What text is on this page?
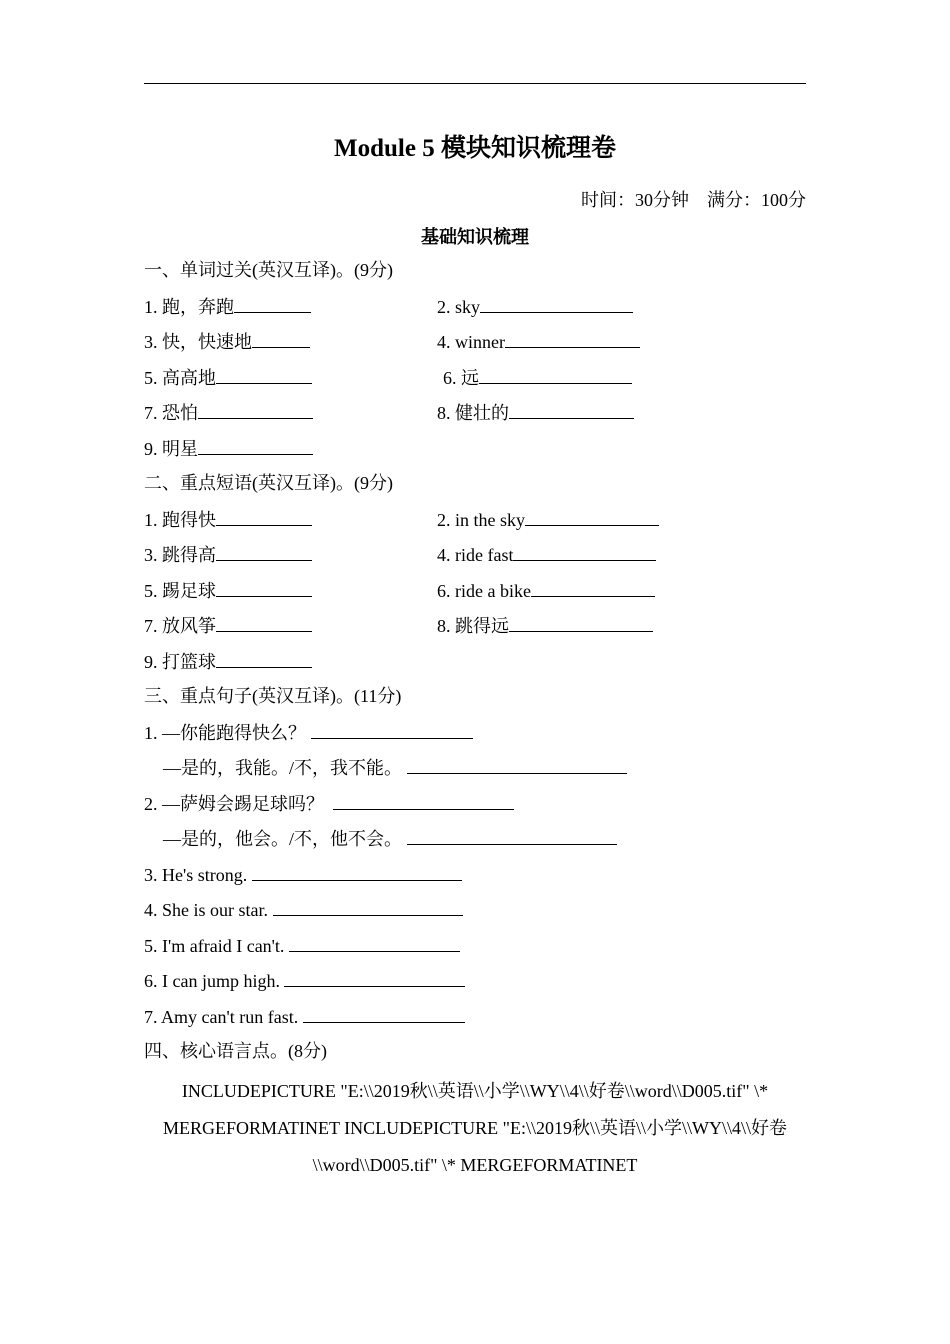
Module 5 模块知识梳理卷
时间：30分钟　满分：100分
基础知识梳理
一、单词过关(英汉互译)。(9分)
1. 跑，奔跑	2. sky
3. 快，快速地	4. winner
5. 高高地	6. 远
7. 恐怕	8. 健壮的
9. 明星
二、重点短语(英汉互译)。(9分)
1. 跑得快	2. in the sky
3. 跳得高	4. ride fast
5. 踢足球	6. ride a bike
7. 放风筝	8. 跳得远
9. 打篮球
三、重点句子(英汉互译)。(11分)
1. —你能跑得快么？
—是的，我能。/不，我不能。
2. —萨姆会踢足球吗？
—是的，他会。/不，他不会。
3. He's strong.
4. She is our star.
5. I'm afraid I can't.
6. I can jump high.
7. Amy can't run fast.
四、核心语言点。(8分)
INCLUDEPICTURE "E:\\2019秋\\英语\\小学\\WY\\4\\好卷\\word\\D005.tif" \* MERGEFORMATINET INCLUDEPICTURE "E:\\2019秋\\英语\\小学\\WY\\4\\好卷\\word\\D005.tif" \* MERGEFORMATINET
